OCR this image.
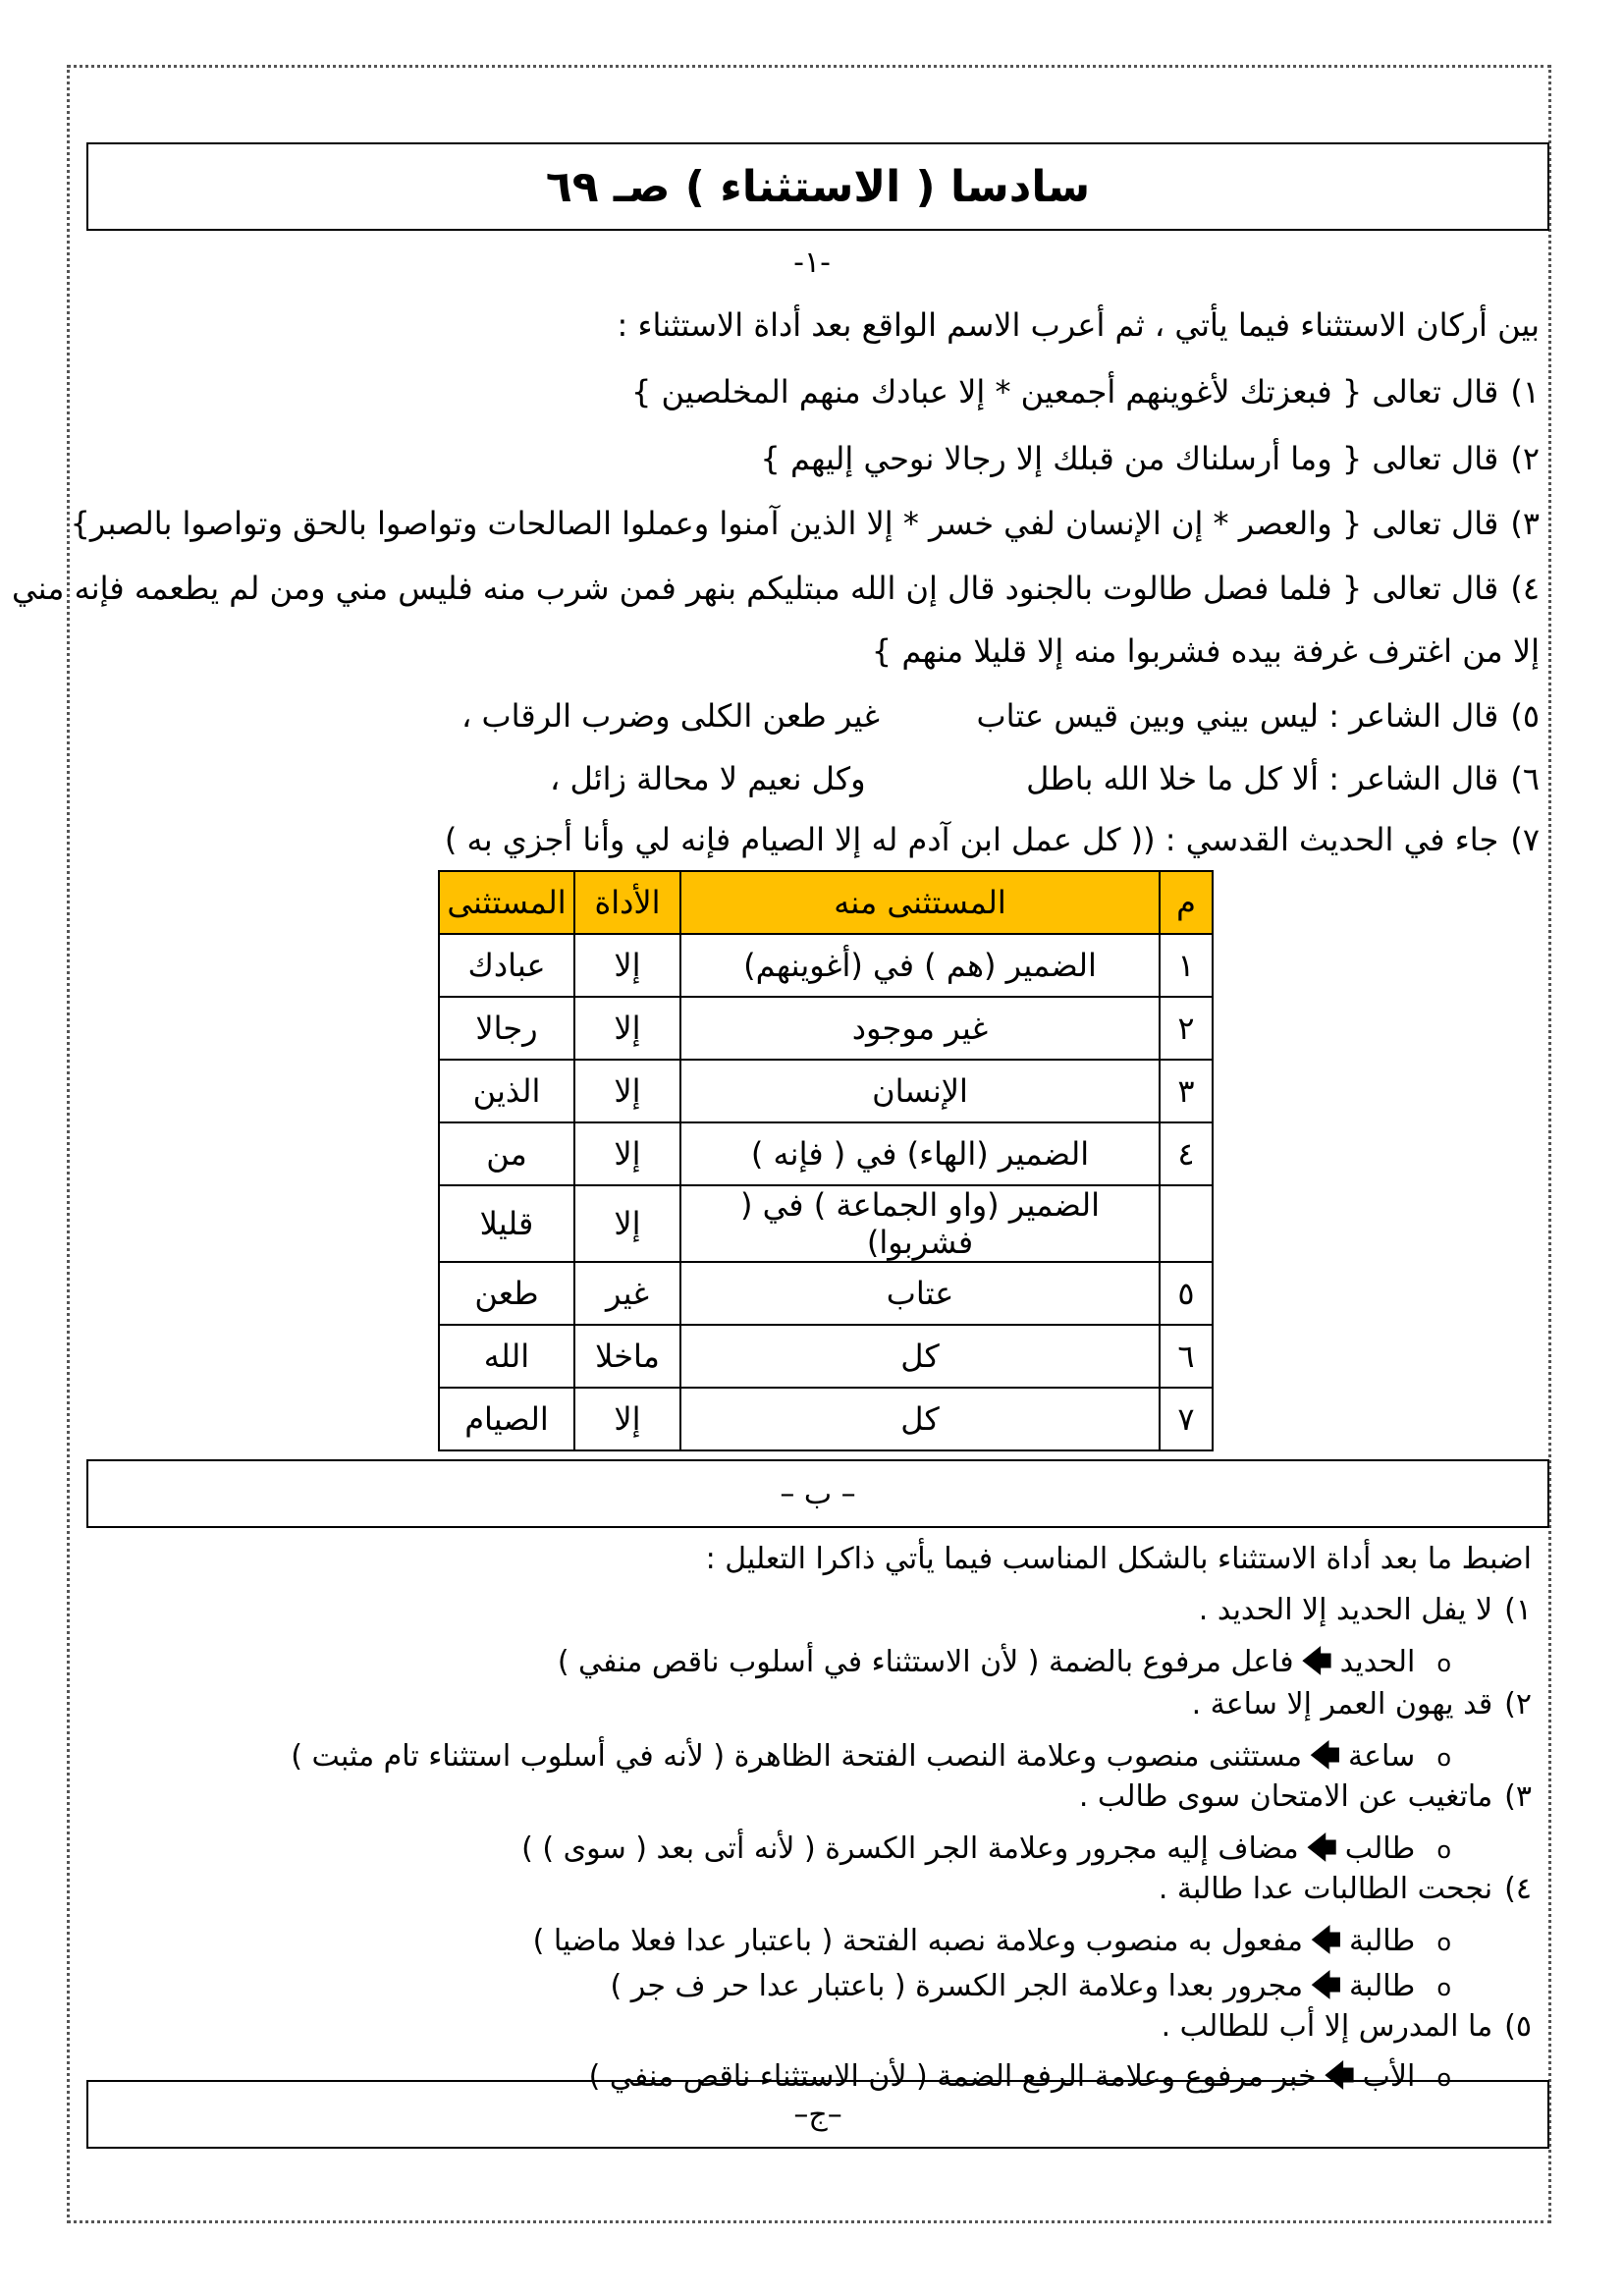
سادسا ( الاستثناء ) صـ ٦٩
-١-
بين أركان الاستثناء فيما يأتي ، ثم أعرب الاسم الواقع بعد أداة الاستثناء :
١)قال تعالى { فبعزتك لأغوينهم أجمعين * إلا عبادك منهم المخلصين }
٢)قال تعالى { وما أرسلناك من قبلك إلا رجالا نوحي إليهم }
٣)قال تعالى { والعصر * إن الإنسان لفي خسر * إلا الذين آمنوا وعملوا الصالحات وتواصوا بالحق وتواصوا بالصبر}
٤)قال تعالى { فلما فصل طالوت بالجنود قال إن الله مبتليكم بنهر فمن شرب منه فليس مني ومن لم يطعمه فإنه مني
إلا من اغترف غرفة بيده فشربوا منه إلا قليلا منهم }
٥)قال الشاعر : ليس بيني وبين قيس عتاب
غير طعن الكلى وضرب الرقاب ،
٦)قال الشاعر : ألا كل ما خلا الله باطل
وكل نعيم لا محالة زائل ،
٧)جاء في الحديث القدسي : (( كل عمل ابن آدم له إلا الصيام فإنه لي وأنا أجزي به )
م	المستثنى منه	الأداة	المستثنى
١	الضمير (هم ) في (أغوينهم)	إلا	عبادك
٢	غير موجود	إلا	رجالا
٣	الإنسان	إلا	الذين
٤	الضمير (الهاء) في ( فإنه )	إلا	من
	الضمير (واو الجماعة ) في ( فشربوا)	إلا	قليلا
٥	عتاب	غير	طعن
٦	كل	ماخلا	الله
٧	كل	إلا	الصيام
– ب –
اضبط ما بعد أداة الاستثناء بالشكل المناسب فيما يأتي ذاكرا التعليل :
١)لا يفل الحديد إلا الحديد .
oالحديد🡄فاعل مرفوع بالضمة ( لأن الاستثناء في أسلوب ناقص منفي )
٢)قد يهون العمر إلا ساعة .
oساعة🡄مستثنى منصوب وعلامة النصب الفتحة الظاهرة ( لأنه في أسلوب استثناء تام مثبت )
٣)ماتغيب عن الامتحان سوى طالب .
oطالب🡄مضاف إليه مجرور وعلامة الجر الكسرة ( لأنه أتى بعد ( سوى ) )
٤)نجحت الطالبات عدا طالبة .
oطالبة🡄مفعول به منصوب وعلامة نصبه الفتحة ( باعتبار عدا فعلا ماضيا )
oطالبة🡄مجرور بعدا وعلامة الجر الكسرة ( باعتبار عدا حر ف جر )
٥)ما المدرس إلا أب للطالب .
oالأب🡄خبر مرفوع وعلامة الرفع الضمة ( لأن الاستثناء ناقص منفي )
–ج–
